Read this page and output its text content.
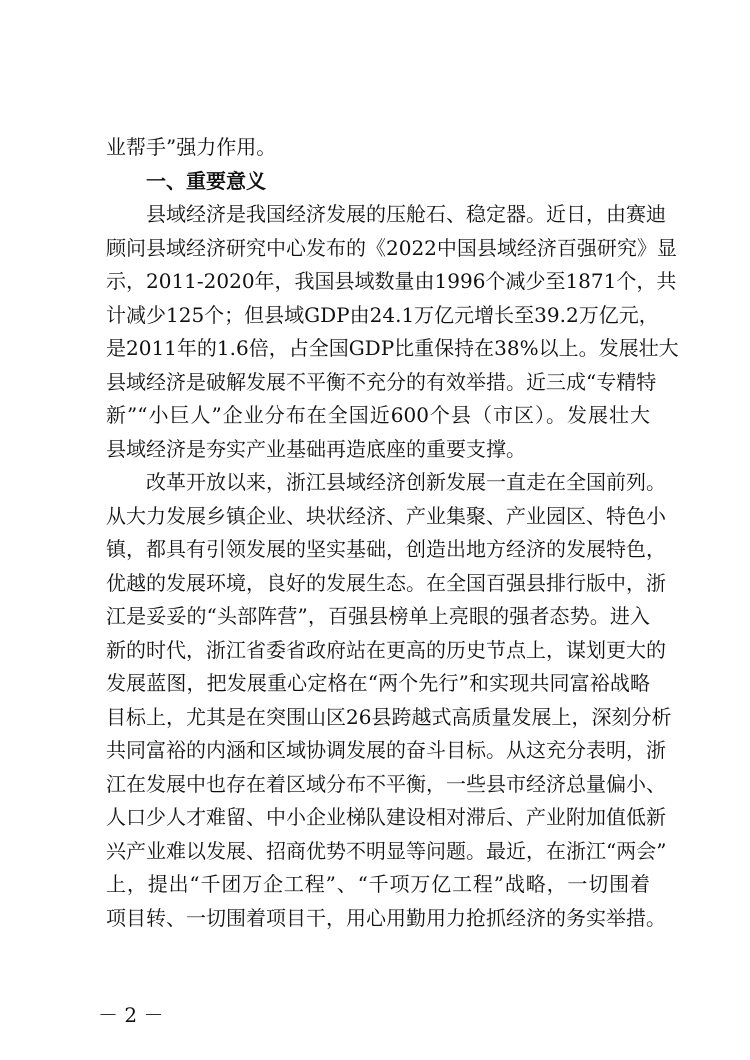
业帮手”强力作用。
一、重要意义
　　县域经济是我国经济发展的压舱石、稳定器。近日，由赛迪
顾问县域经济研究中心发布的《2022中国县域经济百强研究》显
示，2011-2020年，我国县域数量由1996个减少至1871个，共
计减少125个；但县域GDP由24.1万亿元增长至39.2万亿元，
是2011年的1.6倍，占全国GDP比重保持在38%以上。发展壮大
县域经济是破解发展不平衡不充分的有效举措。近三成“专精特
新”“小巨人”企业分布在全国近600个县（市区）。发展壮大
县域经济是夯实产业基础再造底座的重要支撑。
　　改革开放以来，浙江县域经济创新发展一直走在全国前列。
从大力发展乡镇企业、块状经济、产业集聚、产业园区、特色小
镇，都具有引领发展的坚实基础，创造出地方经济的发展特色，
优越的发展环境，良好的发展生态。在全国百强县排行版中，浙
江是妥妥的“头部阵营”，百强县榜单上亮眼的强者态势。进入
新的时代，浙江省委省政府站在更高的历史节点上，谋划更大的
发展蓝图，把发展重心定格在“两个先行”和实现共同富裕战略
目标上，尤其是在突围山区26县跨越式高质量发展上，深刻分析
共同富裕的内涵和区域协调发展的奋斗目标。从这充分表明，浙
江在发展中也存在着区域分布不平衡，一些县市经济总量偏小、
人口少人才难留、中小企业梯队建设相对滞后、产业附加值低新
兴产业难以发展、招商优势不明显等问题。最近，在浙江“两会”
上，提出“千团万企工程”、“千项万亿工程”战略，一切围着
项目转、一切围着项目干，用心用勤用力抢抓经济的务实举措。
－ 2 －
